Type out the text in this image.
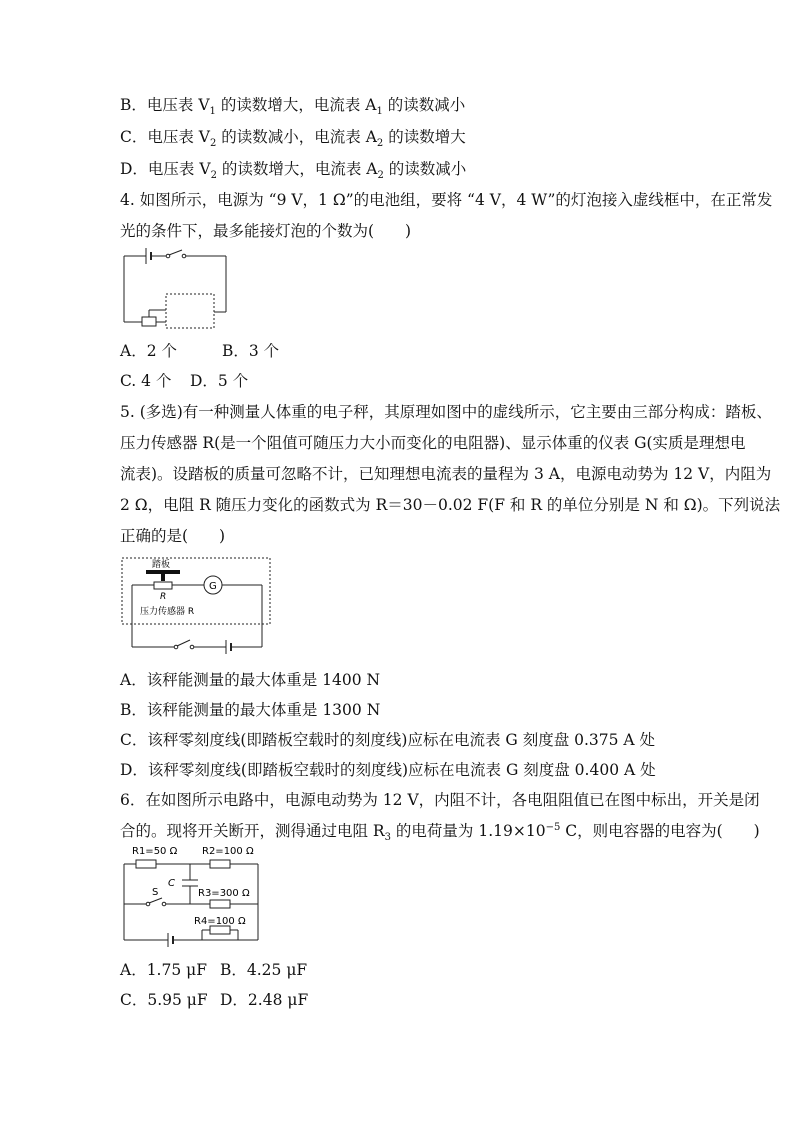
B．电压表 $V_1$ 的读数增大，电流表 $A_1$ 的读数减小
C．电压表 $V_2$ 的读数减小，电流表 $A_2$ 的读数增大
D．电压表 $V_2$ 的读数增大，电流表 $A_2$ 的读数减小
4. 如图所示，电源为 “9 V，1 Ω”的电池组，要将 “4 V，4 W”的灯泡接入虚线框中，在正常发
光的条件下，最多能接灯泡的个数为(　　)
A．2 个	B．3 个
C. 4 个 D．5 个
5. (多选)有一种测量人体重的电子秤，其原理如图中的虚线所示，它主要由三部分构成：踏板、
压力传感器 R(是一个阻值可随压力大小而变化的电阻器)、显示体重的仪表 G(实质是理想电
流表)。设踏板的质量可忽略不计，已知理想电流表的量程为 3 A，电源电动势为 12 V，内阻为
2 Ω，电阻 R 随压力变化的函数式为 R＝30－0.02 F(F 和 R 的单位分别是 N 和 Ω)。下列说法
正确的是(　　)
踏板
R
G
压力传感器 R
A．该秤能测量的最大体重是 1400 N
B．该秤能测量的最大体重是 1300 N
C．该秤零刻度线(即踏板空载时的刻度线)应标在电流表 G 刻度盘 0.375 A 处
D．该秤零刻度线(即踏板空载时的刻度线)应标在电流表 G 刻度盘 0.400 A 处
6．在如图所示电路中，电源电动势为 12 V，内阻不计，各电阻阻值已在图中标出，开关是闭
合的。现将开关断开，测得通过电阻 $R_3$ 的电荷量为 $1.19\times 10^{-5}$ C，则电容器的电容为(　　)
R1=50 Ω R2=100 Ω
R3=300 Ω
R4=100 Ω
C
S
A．1.75 μF B．4.25 μF
C．5.95 μF D．2.48 μF
